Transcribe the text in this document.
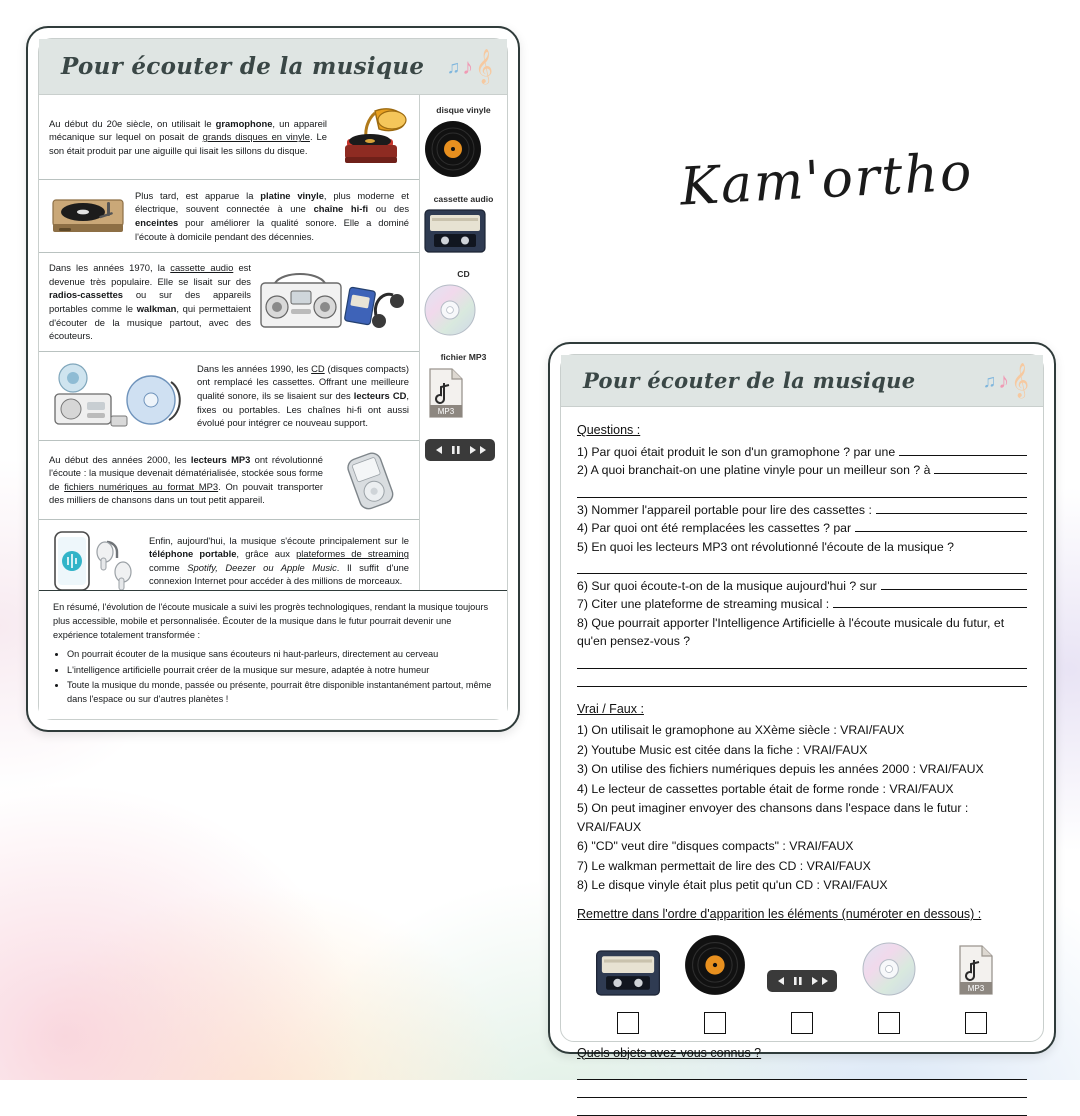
Kam'ortho
Pour écouter de la musique ♫ ♪ 𝄞
Au début du 20e siècle, on utilisait le gramophone, un appareil mécanique sur lequel on posait de grands disques en vinyle. Le son était produit par une aiguille qui lisait les sillons du disque.
Plus tard, est apparue la platine vinyle, plus moderne et électrique, souvent connectée à une chaîne hi-fi ou des enceintes pour améliorer la qualité sonore. Elle a dominé l'écoute à domicile pendant des décennies.
Dans les années 1970, la cassette audio est devenue très populaire. Elle se lisait sur des radios-cassettes ou sur des appareils portables comme le walkman, qui permettaient d'écouter de la musique partout, avec des écouteurs.
Dans les années 1990, les CD (disques compacts) ont remplacé les cassettes. Offrant une meilleure qualité sonore, ils se lisaient sur des lecteurs CD, fixes ou portables. Les chaînes hi-fi ont aussi évolué pour intégrer ce nouveau support.
Au début des années 2000, les lecteurs MP3 ont révolutionné l'écoute : la musique devenait dématérialisée, stockée sous forme de fichiers numériques au format MP3. On pouvait transporter des milliers de chansons dans un tout petit appareil.
Enfin, aujourd'hui, la musique s'écoute principalement sur le téléphone portable, grâce aux plateformes de streaming comme Spotify, Deezer ou Apple Music. Il suffit d'une connexion Internet pour accéder à des millions de morceaux.
disque vinyle
cassette audio
CD
fichier MP3
MP3
En résumé, l'évolution de l'écoute musicale a suivi les progrès technologiques, rendant la musique toujours plus accessible, mobile et personnalisée. Écouter de la musique dans le futur pourrait devenir une expérience totalement transformée :
• On pourrait écouter de la musique sans écouteurs ni haut-parleurs, directement au cerveau
• L'intelligence artificielle pourrait créer de la musique sur mesure, adaptée à notre humeur
• Toute la musique du monde, passée ou présente, pourrait être disponible instantanément partout, même dans l'espace ou sur d'autres planètes !
Pour écouter de la musique	♫ ♪ 𝄞
Questions :
1) Par quoi était produit le son d'un gramophone ? par une
2) A quoi branchait-on une platine vinyle pour un meilleur son ? à
3) Nommer l'appareil portable pour lire des cassettes :
4) Par quoi ont été remplacées les cassettes ? par
5) En quoi les lecteurs MP3 ont révolutionné l'écoute de la musique ?
6) Sur quoi écoute-t-on de la musique aujourd'hui ? sur
7) Citer une plateforme de streaming musical :
8) Que pourrait apporter l'Intelligence Artificielle à l'écoute musicale du futur, et qu'en pensez-vous ?
Vrai / Faux :
1) On utilisait le gramophone au XXème siècle : VRAI/FAUX
2) Youtube Music est citée dans la fiche : VRAI/FAUX
3) On utilise des fichiers numériques depuis les années 2000 : VRAI/FAUX
4) Le lecteur de cassettes portable était de forme ronde : VRAI/FAUX
5) On peut imaginer envoyer des chansons dans l'espace dans le futur : VRAI/FAUX
6) "CD" veut dire "disques compacts" : VRAI/FAUX
7) Le walkman permettait de lire des CD : VRAI/FAUX
8) Le disque vinyle était plus petit qu'un CD : VRAI/FAUX
Remettre dans l'ordre d'apparition les éléments (numéroter en dessous) :
MP3
Quels objets avez-vous connus ?
